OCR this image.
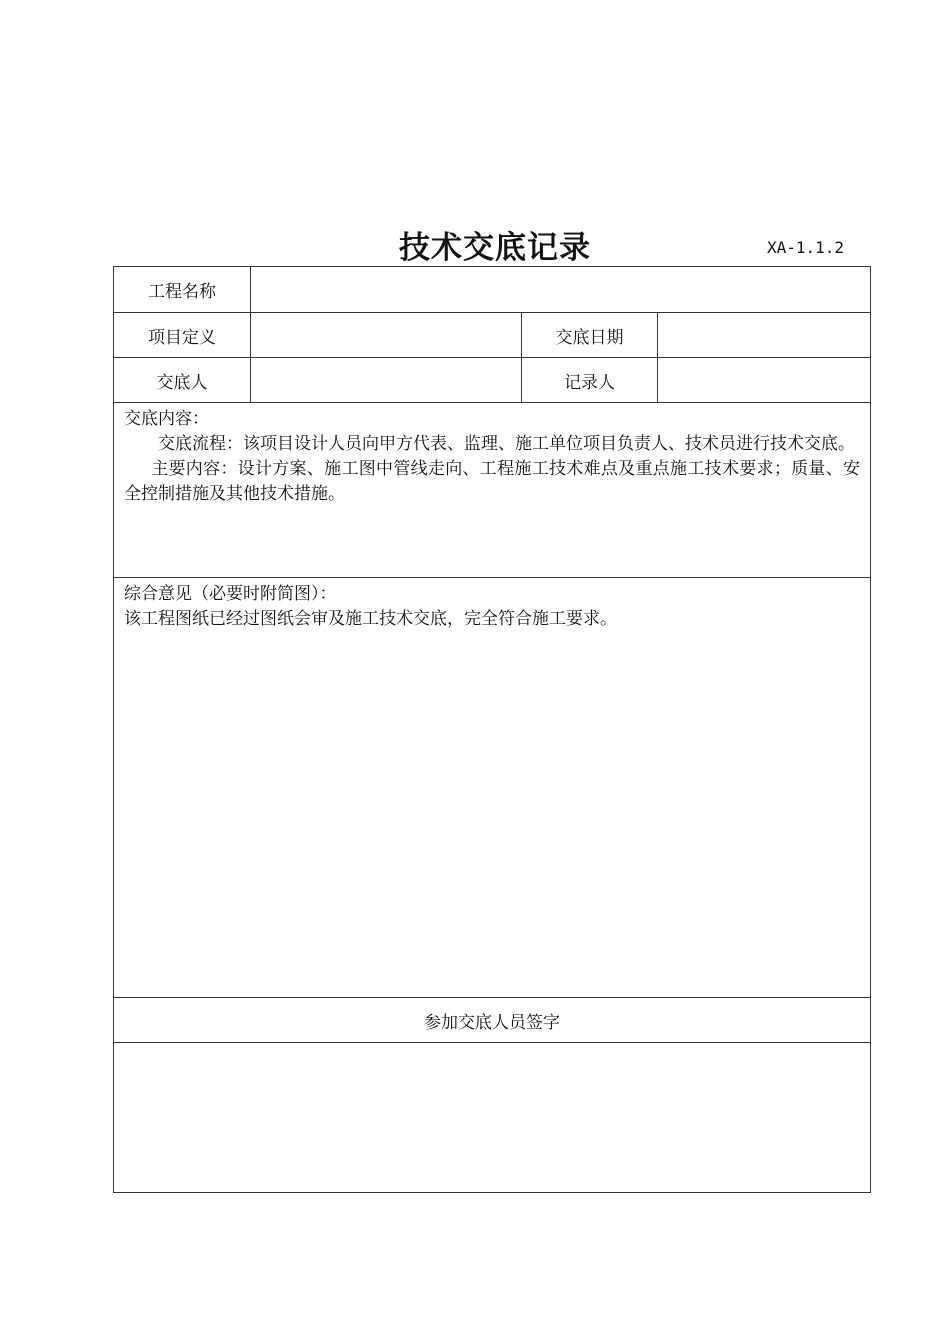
技术交底记录	XA-1.1.2
工程名称			
项目定义		交底日期	
交底人		记录人	

交底内容：
交底流程：该项目设计人员向甲方代表、监理、施工单位项目负责人、技术员进行技术交底。
主要内容：设计方案、施工图中管线走向、工程施工技术难点及重点施工技术要求；质量、安全控制措施及其他技术措施。			

综合意见（必要时附简图）：
该工程图纸已经过图纸会审及施工技术交底，完全符合施工要求。			

参加交底人员签字			
